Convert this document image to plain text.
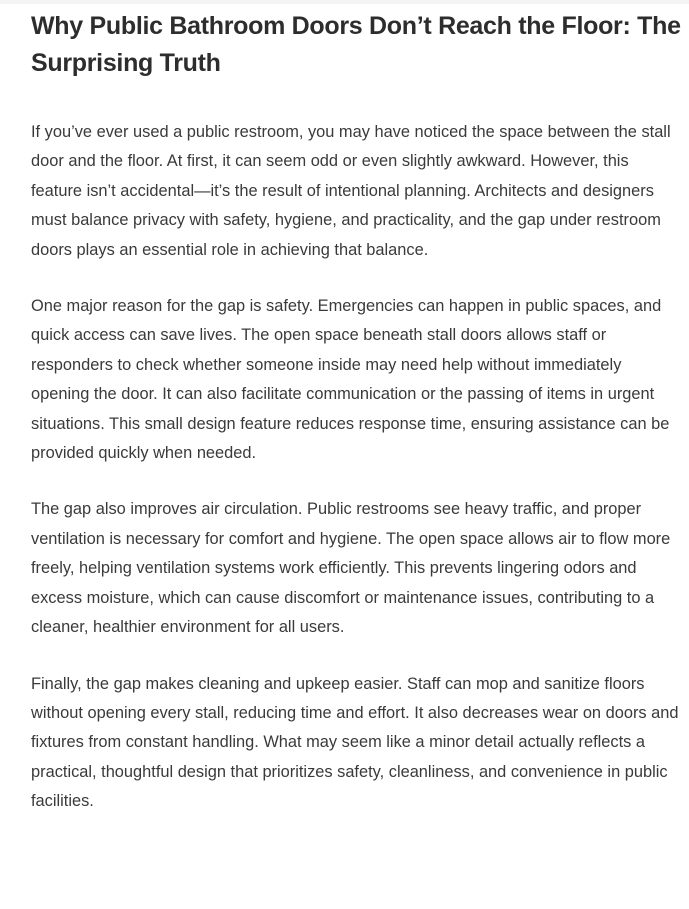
Why Public Bathroom Doors Don’t Reach the Floor: The Surprising Truth

If you’ve ever used a public restroom, you may have noticed the space between the stall door and the floor. At first, it can seem odd or even slightly awkward. However, this feature isn’t accidental—it’s the result of intentional planning. Architects and designers must balance privacy with safety, hygiene, and practicality, and the gap under restroom doors plays an essential role in achieving that balance.

One major reason for the gap is safety. Emergencies can happen in public spaces, and quick access can save lives. The open space beneath stall doors allows staff or responders to check whether someone inside may need help without immediately opening the door. It can also facilitate communication or the passing of items in urgent situations. This small design feature reduces response time, ensuring assistance can be provided quickly when needed.

The gap also improves air circulation. Public restrooms see heavy traffic, and proper ventilation is necessary for comfort and hygiene. The open space allows air to flow more freely, helping ventilation systems work efficiently. This prevents lingering odors and excess moisture, which can cause discomfort or maintenance issues, contributing to a cleaner, healthier environment for all users.

Finally, the gap makes cleaning and upkeep easier. Staff can mop and sanitize floors without opening every stall, reducing time and effort. It also decreases wear on doors and fixtures from constant handling. What may seem like a minor detail actually reflects a practical, thoughtful design that prioritizes safety, cleanliness, and convenience in public facilities.
